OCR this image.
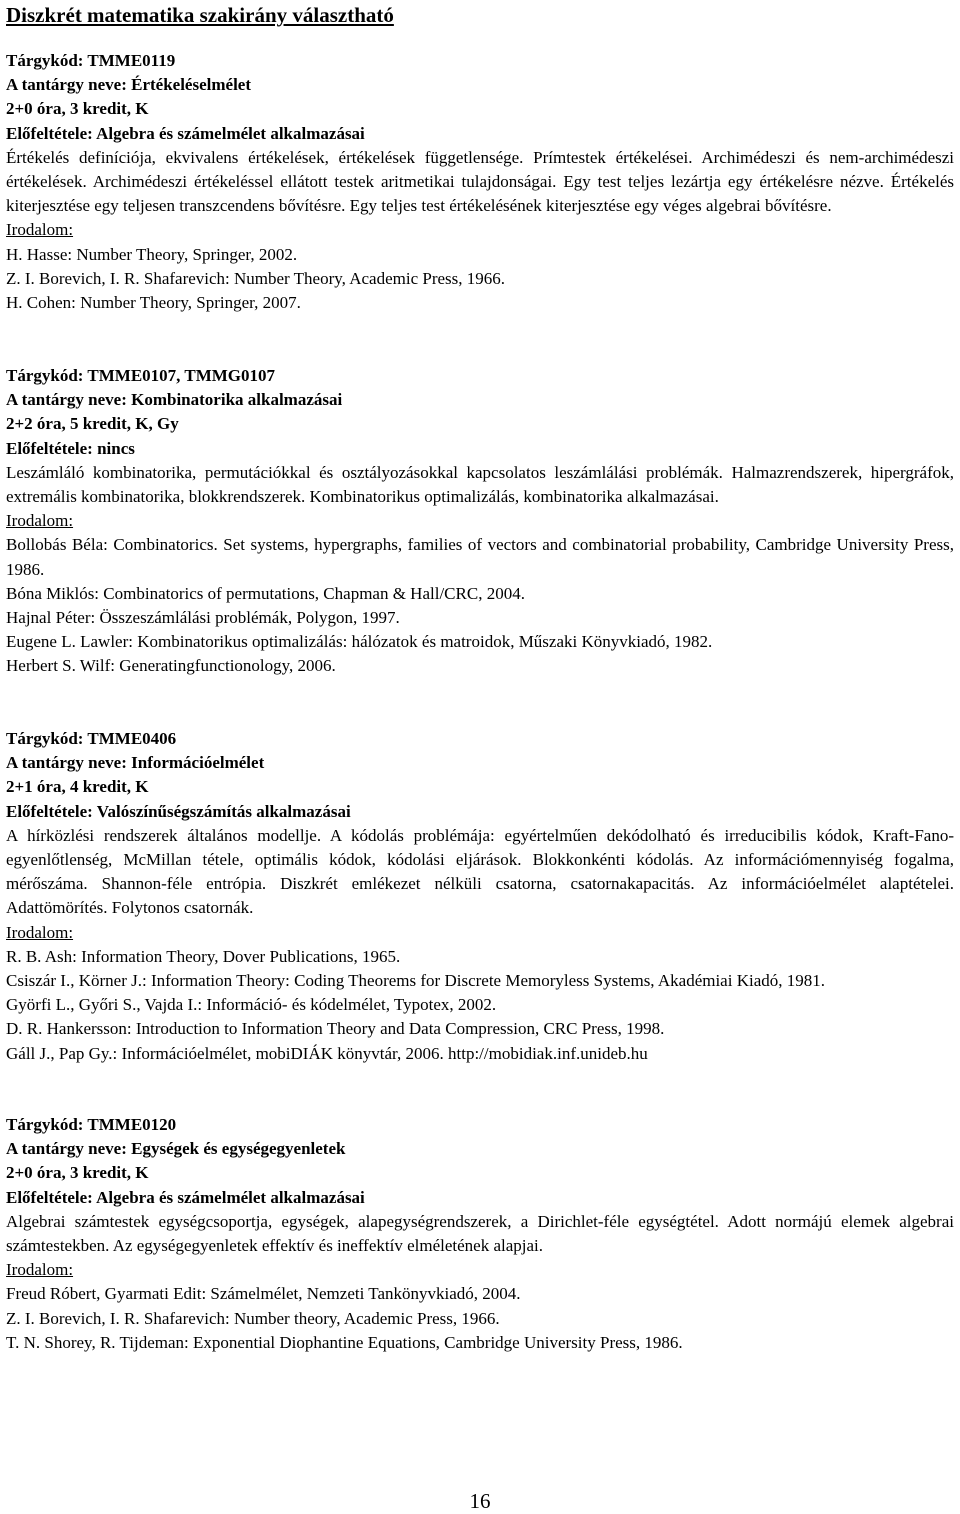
Diszkrét matematika szakirány választható
Tárgykód: TMME0119
A tantárgy neve: Értékeléselmélet
2+0 óra, 3 kredit, K
Előfeltétele: Algebra és számelmélet alkalmazásai
Értékelés definíciója, ekvivalens értékelések, értékelések függetlensége. Prímtestek értékelései. Archimédeszi és nem-archimédeszi értékelések. Archimédeszi értékeléssel ellátott testek aritmetikai tulajdonságai. Egy test teljes lezártja egy értékelésre nézve. Értékelés kiterjesztése egy teljesen transzcendens bővítésre. Egy teljes test értékelésének kiterjesztése egy véges algebrai bővítésre.
Irodalom:
H. Hasse: Number Theory, Springer, 2002.
Z. I. Borevich, I. R. Shafarevich: Number Theory, Academic Press, 1966.
H. Cohen: Number Theory, Springer, 2007.
Tárgykód: TMME0107, TMMG0107
A tantárgy neve: Kombinatorika alkalmazásai
2+2 óra, 5 kredit, K, Gy
Előfeltétele: nincs
Leszámláló kombinatorika, permutációkkal és osztályozásokkal kapcsolatos leszámlálási problémák. Halmazrendszerek, hipergráfok, extremális kombinatorika, blokkrendszerek. Kombinatorikus optimalizálás, kombinatorika alkalmazásai.
Irodalom:
Bollobás Béla: Combinatorics. Set systems, hypergraphs, families of vectors and combinatorial probability, Cambridge University Press, 1986.
Bóna Miklós: Combinatorics of permutations, Chapman & Hall/CRC, 2004.
Hajnal Péter: Összeszámlálási problémák, Polygon, 1997.
Eugene L. Lawler: Kombinatorikus optimalizálás: hálózatok és matroidok, Műszaki Könyvkiadó, 1982.
Herbert S. Wilf: Generatingfunctionology, 2006.
Tárgykód: TMME0406
A tantárgy neve: Információelmélet
2+1 óra, 4 kredit, K
Előfeltétele: Valószínűségszámítás alkalmazásai
A hírközlési rendszerek általános modellje. A kódolás problémája: egyértelműen dekódolható és irreducibilis kódok, Kraft-Fano-egyenlőtlenség, McMillan tétele, optimális kódok, kódolási eljárások. Blokkonkénti kódolás. Az információmennyiség fogalma, mérőszáma. Shannon-féle entrópia. Diszkrét emlékezet nélküli csatorna, csatornakapacitás. Az információelmélet alaptételei. Adattömörítés. Folytonos csatornák.
Irodalom:
R. B. Ash: Information Theory, Dover Publications, 1965.
Csiszár I., Körner J.: Information Theory: Coding Theorems for Discrete Memoryless Systems, Akadémiai Kiadó, 1981.
Györfi L., Győri S., Vajda I.: Információ- és kódelmélet, Typotex, 2002.
D. R. Hankersson: Introduction to Information Theory and Data Compression, CRC Press, 1998.
Gáll J., Pap Gy.: Információelmélet, mobiDIÁK könyvtár, 2006. http://mobidiak.inf.unideb.hu
Tárgykód: TMME0120
A tantárgy neve: Egységek és egységegyenletek
2+0 óra, 3 kredit, K
Előfeltétele: Algebra és számelmélet alkalmazásai
Algebrai számtestek egységcsoportja, egységek, alapegységrendszerek, a Dirichlet-féle egységtétel. Adott normájú elemek algebrai számtestekben. Az egységegyenletek effektív és ineffektív elméletének alapjai.
Irodalom:
Freud Róbert, Gyarmati Edit: Számelmélet, Nemzeti Tankönyvkiadó, 2004.
Z. I. Borevich, I. R. Shafarevich: Number theory, Academic Press, 1966.
T. N. Shorey, R. Tijdeman: Exponential Diophantine Equations, Cambridge University Press, 1986.
16
